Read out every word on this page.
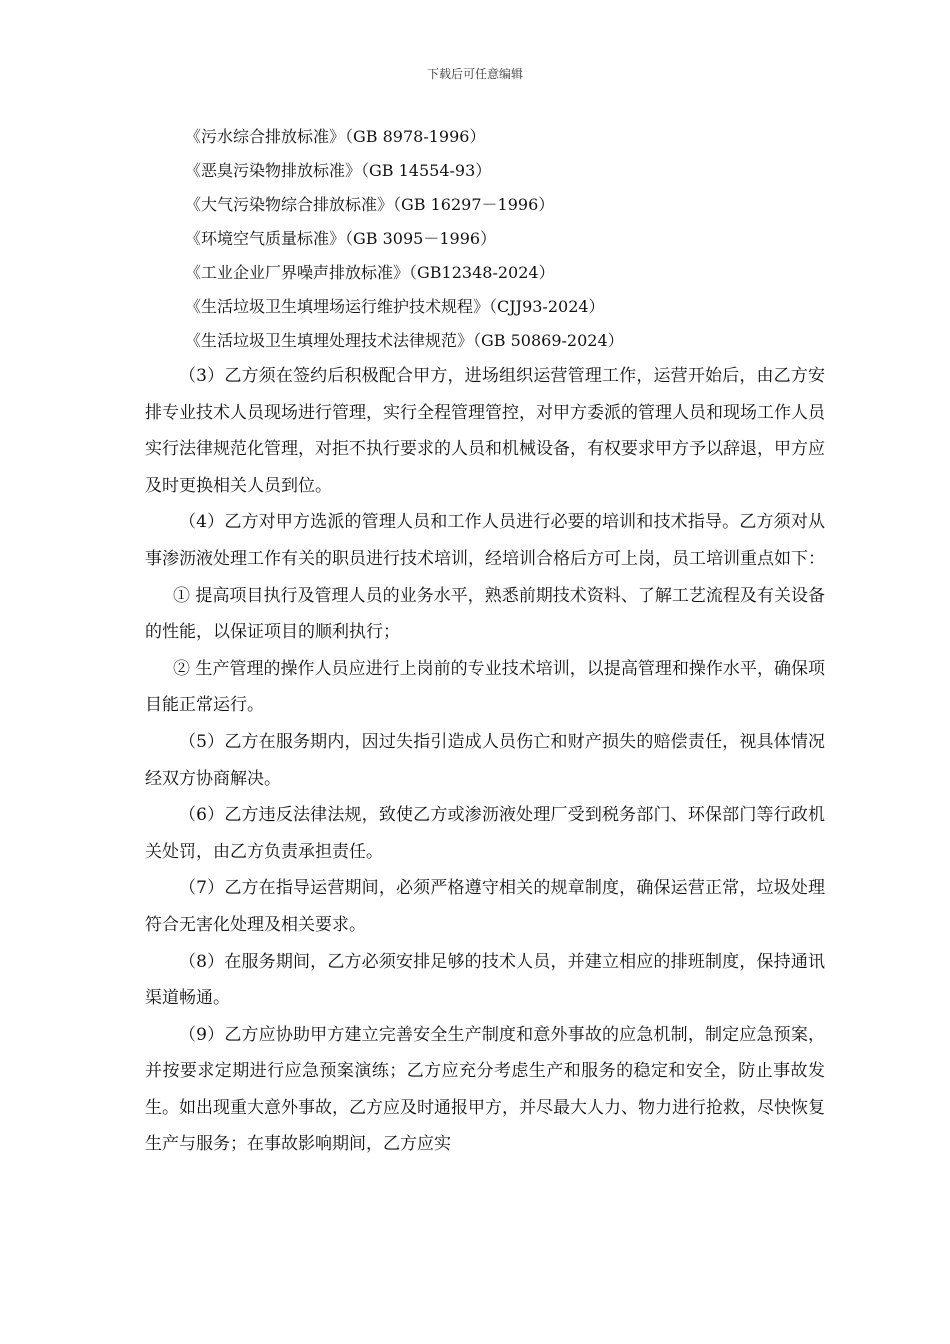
下载后可任意编辑
《污水综合排放标准》（GB 8978-1996）
《恶臭污染物排放标准》（GB 14554-93）
《大气污染物综合排放标准》（GB 16297－1996）
《环境空气质量标准》（GB 3095－1996）
《工业企业厂界噪声排放标准》（GB12348-2024）
《生活垃圾卫生填埋场运行维护技术规程》（CJJ93-2024）
《生活垃圾卫生填埋处理技术法律规范》（GB 50869-2024）

（3）乙方须在签约后积极配合甲方，进场组织运营管理工作，运营开始后，由乙方安排专业技术人员现场进行管理，实行全程管理管控，对甲方委派的管理人员和现场工作人员实行法律规范化管理，对拒不执行要求的人员和机械设备，有权要求甲方予以辞退，甲方应及时更换相关人员到位。

（4）乙方对甲方选派的管理人员和工作人员进行必要的培训和技术指导。乙方须对从事渗沥液处理工作有关的职员进行技术培训，经培训合格后方可上岗，员工培训重点如下：

① 提高项目执行及管理人员的业务水平，熟悉前期技术资料、了解工艺流程及有关设备的性能，以保证项目的顺利执行；

② 生产管理的操作人员应进行上岗前的专业技术培训，以提高管理和操作水平，确保项目能正常运行。

（5）乙方在服务期内，因过失指引造成人员伤亡和财产损失的赔偿责任，视具体情况经双方协商解决。

（6）乙方违反法律法规，致使乙方或渗沥液处理厂受到税务部门、环保部门等行政机关处罚，由乙方负责承担责任。

（7）乙方在指导运营期间，必须严格遵守相关的规章制度，确保运营正常，垃圾处理符合无害化处理及相关要求。

（8）在服务期间，乙方必须安排足够的技术人员，并建立相应的排班制度，保持通讯渠道畅通。

（9）乙方应协助甲方建立完善安全生产制度和意外事故的应急机制，制定应急预案，并按要求定期进行应急预案演练；乙方应充分考虑生产和服务的稳定和安全，防止事故发生。如出现重大意外事故，乙方应及时通报甲方，并尽最大人力、物力进行抢救，尽快恢复生产与服务；在事故影响期间，乙方应实
